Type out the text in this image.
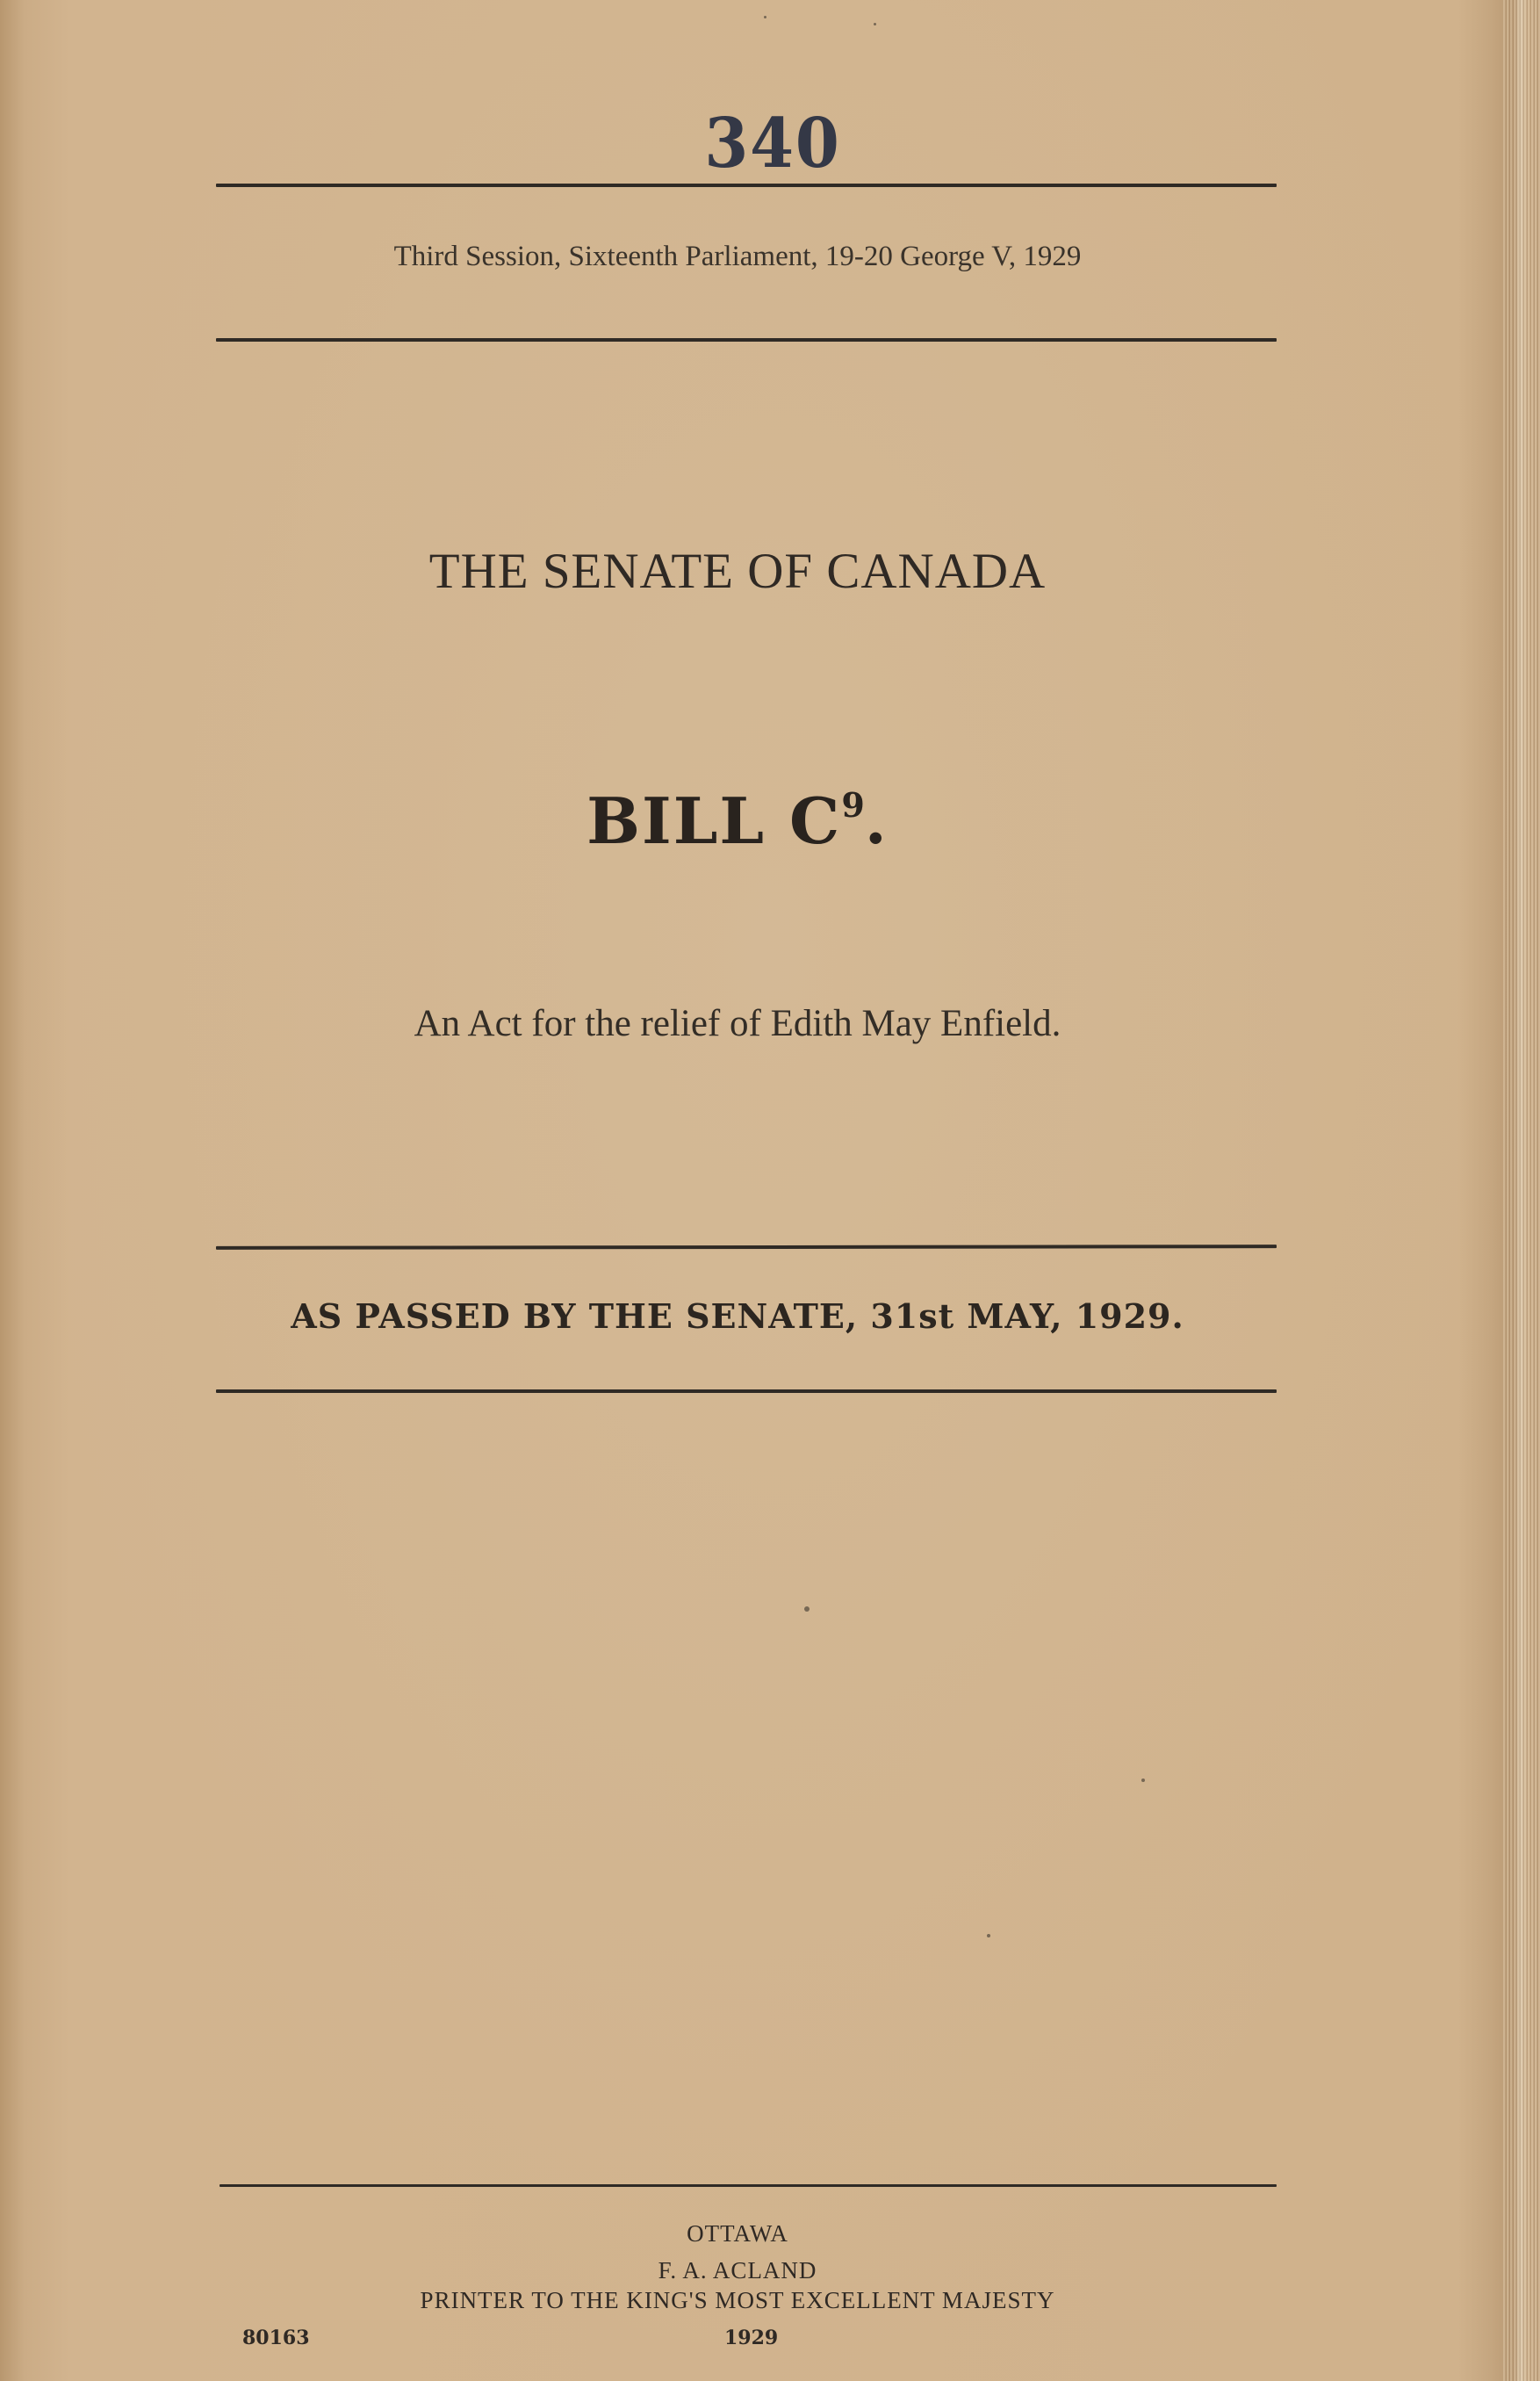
340
Third Session, Sixteenth Parliament, 19-20 George V, 1929
THE SENATE OF CANADA
BILL $C^9$.
An Act for the relief of Edith May Enfield.
AS PASSED BY THE SENATE, 31st MAY, 1929.
OTTAWA
F. A. ACLAND
PRINTER TO THE KING'S MOST EXCELLENT MAJESTY
80163	1929
